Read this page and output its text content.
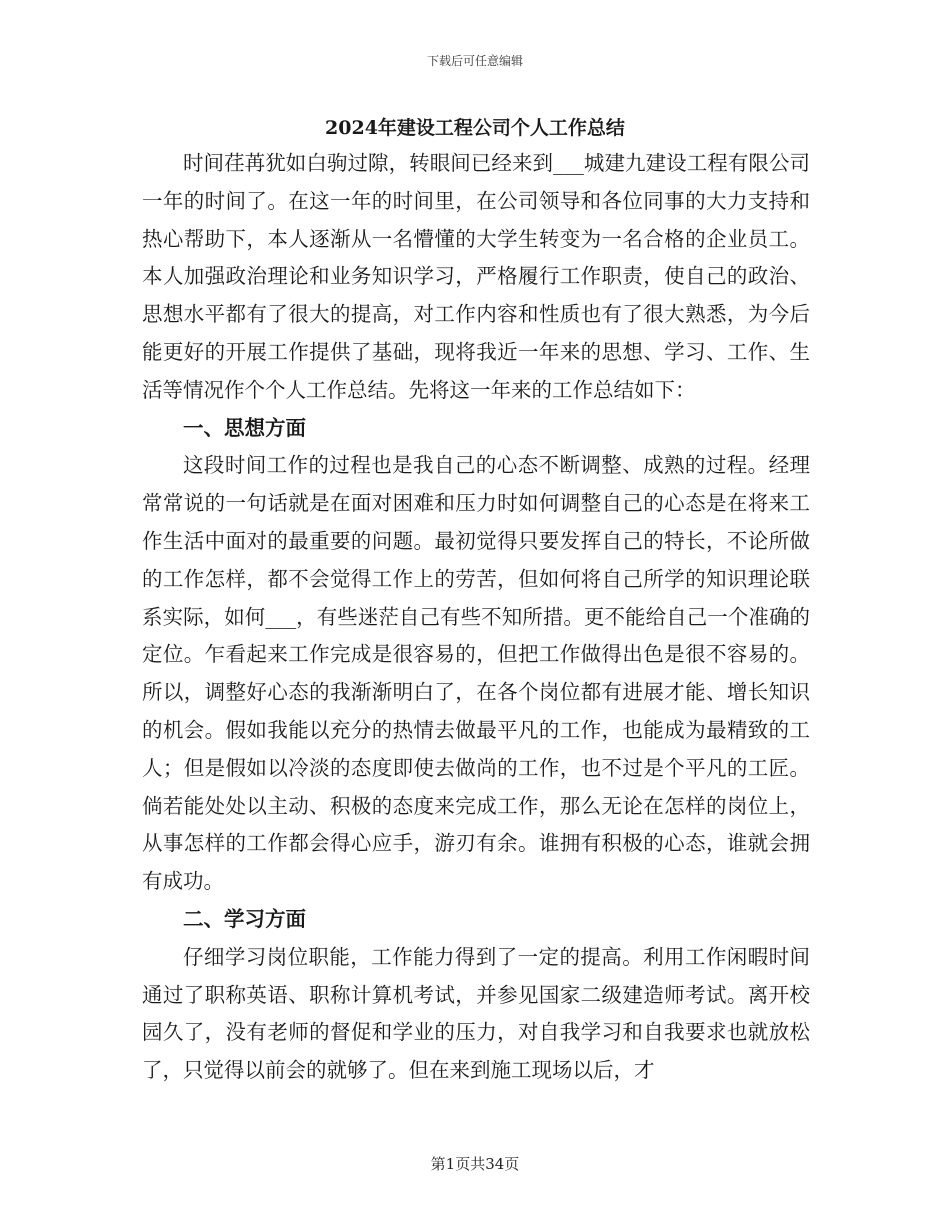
下载后可任意编辑
2024年建设工程公司个人工作总结

时间荏苒犹如白驹过隙，转眼间已经来到___城建九建设工程有限公司一年的时间了。在这一年的时间里，在公司领导和各位同事的大力支持和热心帮助下，本人逐渐从一名懵懂的大学生转变为一名合格的企业员工。本人加强政治理论和业务知识学习，严格履行工作职责，使自己的政治、思想水平都有了很大的提高，对工作内容和性质也有了很大熟悉，为今后能更好的开展工作提供了基础，现将我近一年来的思想、学习、工作、生活等情况作个个人工作总结。先将这一年来的工作总结如下：

一、思想方面

这段时间工作的过程也是我自己的心态不断调整、成熟的过程。经理常常说的一句话就是在面对困难和压力时如何调整自己的心态是在将来工作生活中面对的最重要的问题。最初觉得只要发挥自己的特长，不论所做的工作怎样，都不会觉得工作上的劳苦，但如何将自己所学的知识理论联系实际，如何___，有些迷茫自己有些不知所措。更不能给自己一个准确的定位。乍看起来工作完成是很容易的，但把工作做得出色是很不容易的。所以，调整好心态的我渐渐明白了，在各个岗位都有进展才能、增长知识的机会。假如我能以充分的热情去做最平凡的工作，也能成为最精致的工人；但是假如以冷淡的态度即使去做尚的工作，也不过是个平凡的工匠。倘若能处处以主动、积极的态度来完成工作，那么无论在怎样的岗位上，从事怎样的工作都会得心应手，游刃有余。谁拥有积极的心态，谁就会拥有成功。

二、学习方面

仔细学习岗位职能，工作能力得到了一定的提高。利用工作闲暇时间通过了职称英语、职称计算机考试，并参见国家二级建造师考试。离开校园久了，没有老师的督促和学业的压力，对自我学习和自我要求也就放松了，只觉得以前会的就够了。但在来到施工现场以后，才

第1页共34页
